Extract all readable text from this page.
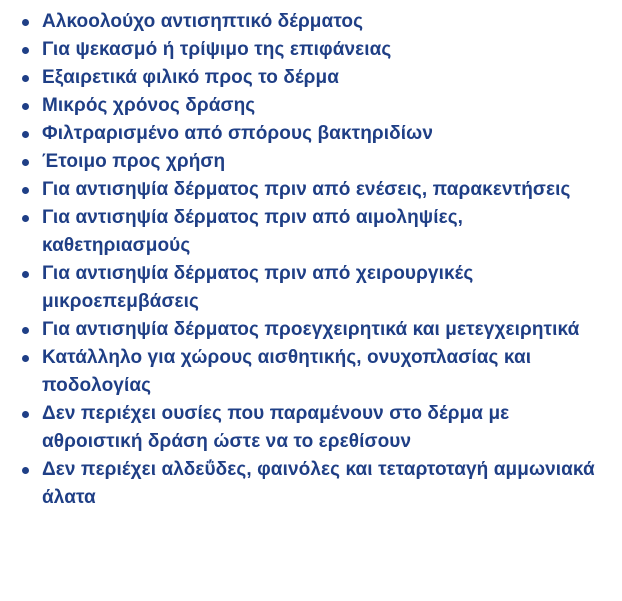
Αλκοολούχο αντισηπτικό δέρματος
Για ψεκασμό ή τρίψιμο της επιφάνειας
Εξαιρετικά φιλικό προς το δέρμα
Μικρός χρόνος δράσης
Φιλτραρισμένο από σπόρους βακτηριδίων
Έτοιμο προς χρήση
Για αντισηψία δέρματος πριν από ενέσεις, παρακεντήσεις
Για αντισηψία δέρματος πριν από αιμοληψίες, καθετηριασμούς
Για αντισηψία δέρματος πριν από χειρουργικές μικροεπεμβάσεις
Για αντισηψία δέρματος προεγχειρητικά και μετεγχειρητικά
Κατάλληλο για χώρους αισθητικής, ονυχοπλασίας και ποδολογίας
Δεν περιέχει ουσίες που παραμένουν στο δέρμα με αθροιστική δράση ώστε να το ερεθίσουν
Δεν περιέχει αλδεΰδες, φαινόλες και τεταρτοταγή αμμωνιακά άλατα
